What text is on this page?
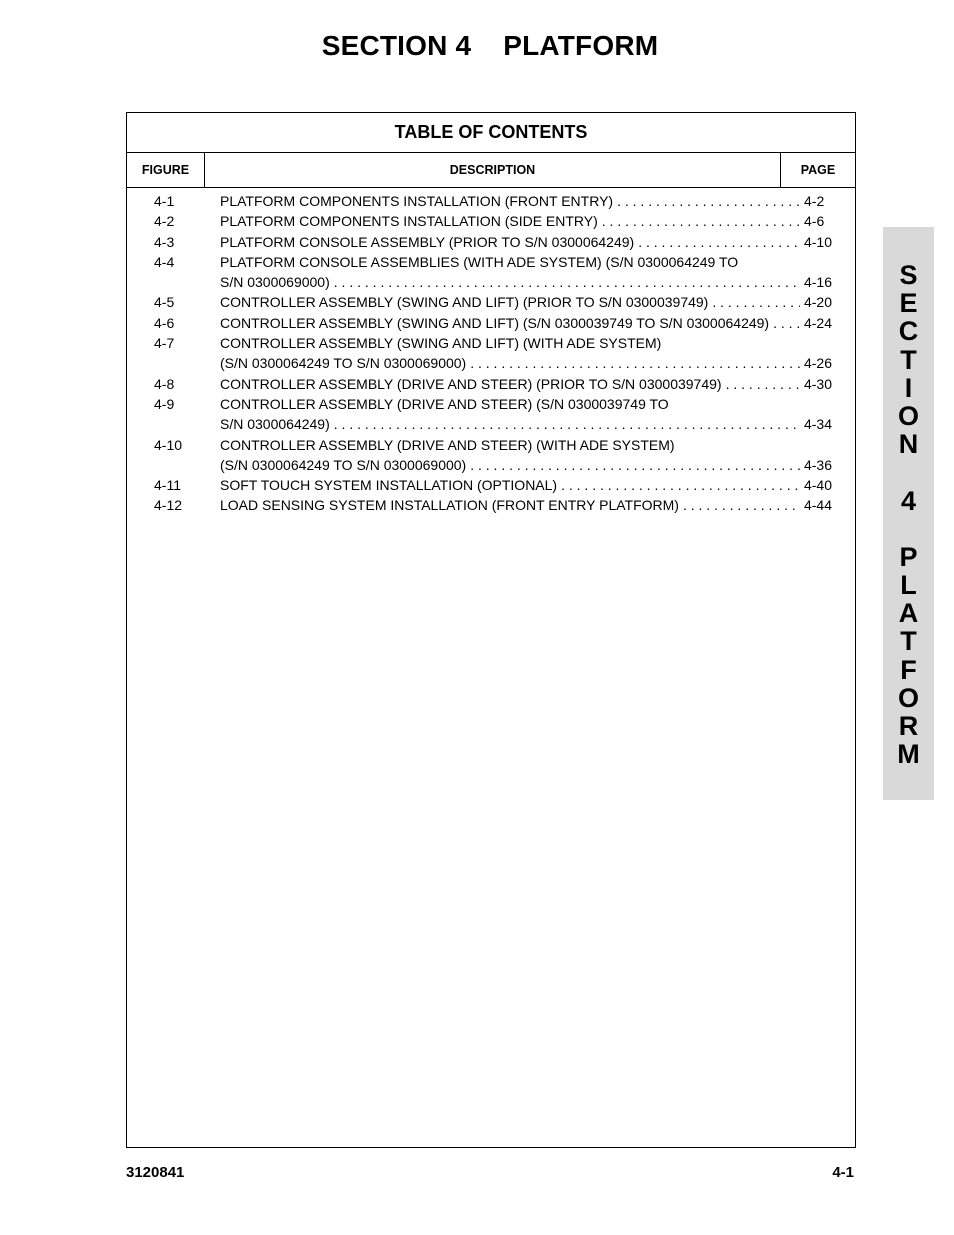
SECTION 4    PLATFORM
TABLE OF CONTENTS
FIGURE	DESCRIPTION	PAGE
4-1	PLATFORM COMPONENTS INSTALLATION (FRONT ENTRY) . . .	4-2
4-2	PLATFORM COMPONENTS INSTALLATION (SIDE ENTRY) . . .	4-6
4-3	PLATFORM CONSOLE ASSEMBLY (PRIOR TO S/N 0300064249) . . .	4-10
4-4	PLATFORM CONSOLE ASSEMBLIES (WITH ADE SYSTEM) (S/N 0300064249 TO
S/N 0300069000) . . .	4-16
4-5	CONTROLLER ASSEMBLY (SWING AND LIFT) (PRIOR TO S/N 0300039749) . . .	4-20
4-6	CONTROLLER ASSEMBLY (SWING AND LIFT) (S/N 0300039749 TO S/N 0300064249) . . . 4-24
4-7	CONTROLLER ASSEMBLY (SWING AND LIFT) (WITH ADE SYSTEM)
(S/N 0300064249 TO S/N 0300069000) . . .	4-26
4-8	CONTROLLER ASSEMBLY (DRIVE AND STEER) (PRIOR TO S/N 0300039749) . . .	4-30
4-9	CONTROLLER ASSEMBLY (DRIVE AND STEER) (S/N 0300039749 TO
S/N 0300064249) . . .	4-34
4-10	CONTROLLER ASSEMBLY (DRIVE AND STEER) (WITH ADE SYSTEM)
(S/N 0300064249 TO S/N 0300069000) . . .	4-36
4-11	SOFT TOUCH SYSTEM INSTALLATION (OPTIONAL) . . .	4-40
4-12	LOAD SENSING SYSTEM INSTALLATION (FRONT ENTRY PLATFORM) . . .	4-44
S
E
C
T
I
O
N
4
P
L
A
T
F
O
R
M
3120841	4-1
